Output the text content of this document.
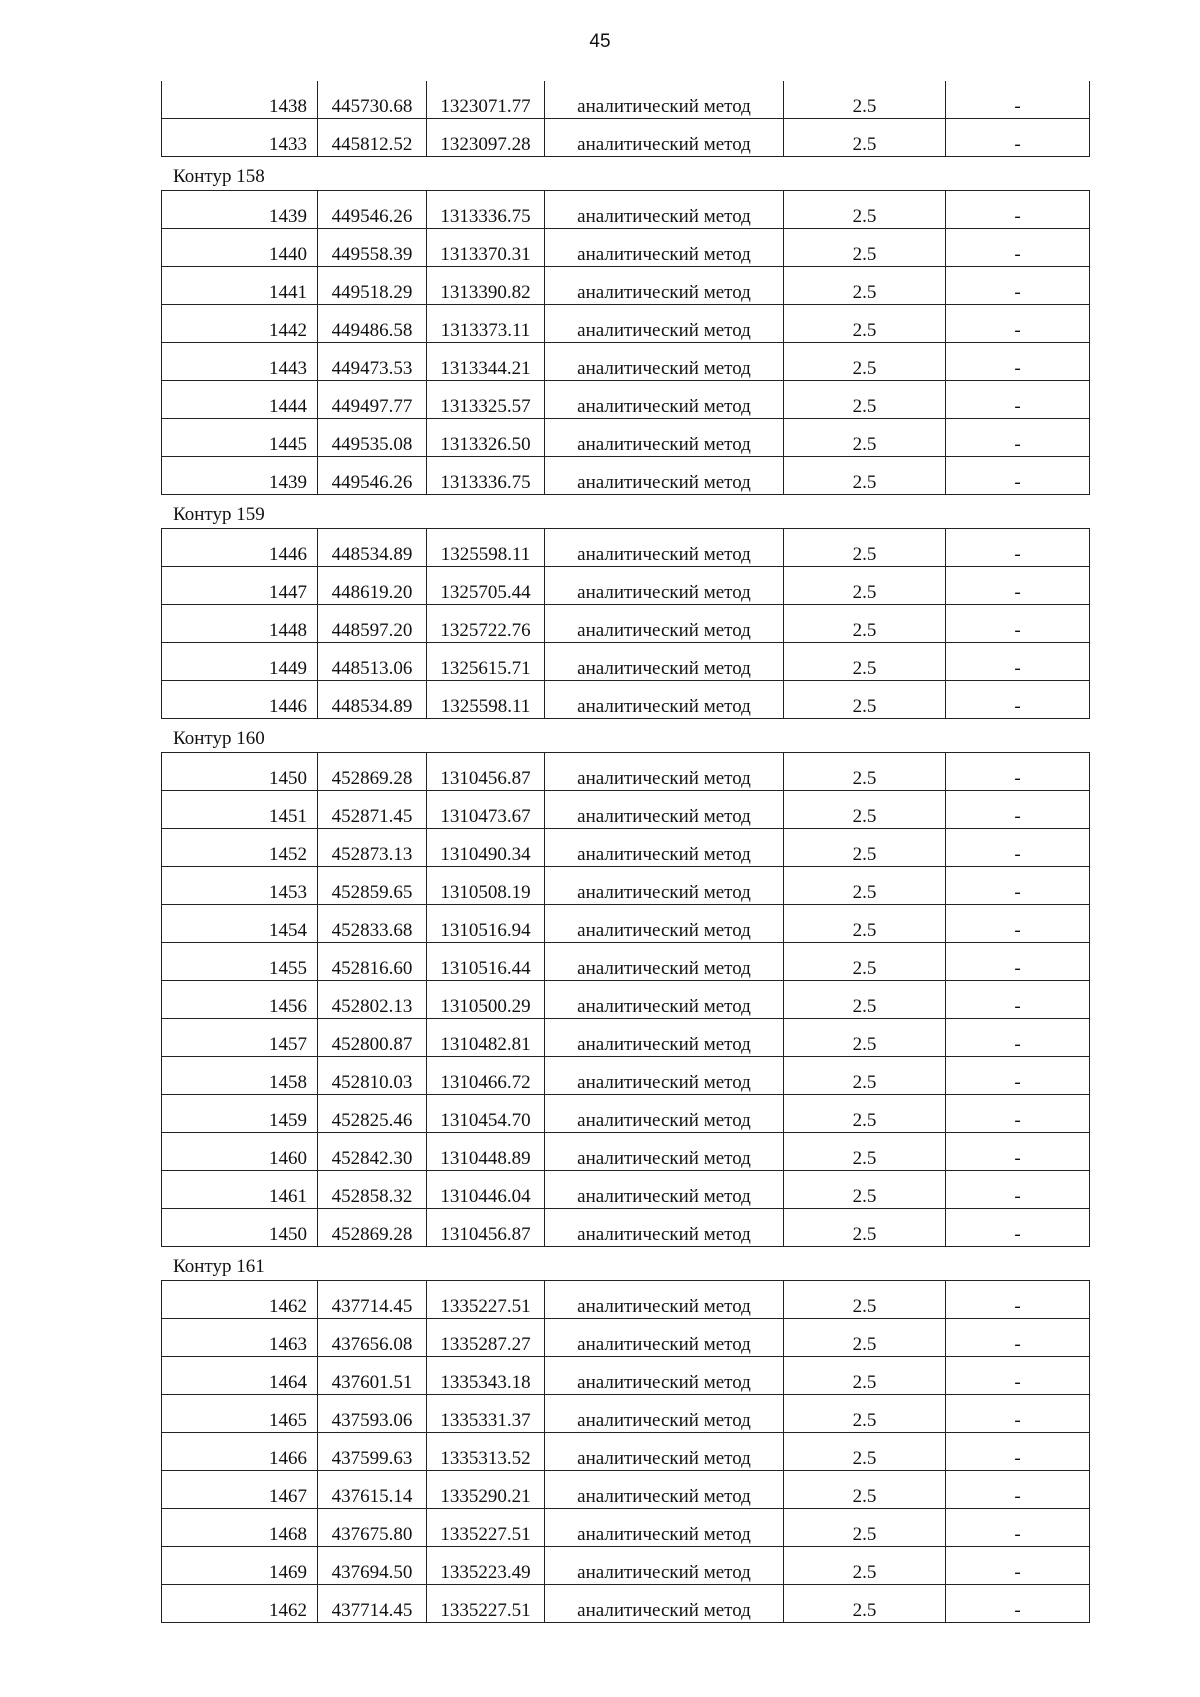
45
1438	445730.68	1323071.77	аналитический метод	2.5	-
1433	445812.52	1323097.28	аналитический метод	2.5	-
Контур 158
1439	449546.26	1313336.75	аналитический метод	2.5	-
1440	449558.39	1313370.31	аналитический метод	2.5	-
1441	449518.29	1313390.82	аналитический метод	2.5	-
1442	449486.58	1313373.11	аналитический метод	2.5	-
1443	449473.53	1313344.21	аналитический метод	2.5	-
1444	449497.77	1313325.57	аналитический метод	2.5	-
1445	449535.08	1313326.50	аналитический метод	2.5	-
1439	449546.26	1313336.75	аналитический метод	2.5	-
Контур 159
1446	448534.89	1325598.11	аналитический метод	2.5	-
1447	448619.20	1325705.44	аналитический метод	2.5	-
1448	448597.20	1325722.76	аналитический метод	2.5	-
1449	448513.06	1325615.71	аналитический метод	2.5	-
1446	448534.89	1325598.11	аналитический метод	2.5	-
Контур 160
1450	452869.28	1310456.87	аналитический метод	2.5	-
1451	452871.45	1310473.67	аналитический метод	2.5	-
1452	452873.13	1310490.34	аналитический метод	2.5	-
1453	452859.65	1310508.19	аналитический метод	2.5	-
1454	452833.68	1310516.94	аналитический метод	2.5	-
1455	452816.60	1310516.44	аналитический метод	2.5	-
1456	452802.13	1310500.29	аналитический метод	2.5	-
1457	452800.87	1310482.81	аналитический метод	2.5	-
1458	452810.03	1310466.72	аналитический метод	2.5	-
1459	452825.46	1310454.70	аналитический метод	2.5	-
1460	452842.30	1310448.89	аналитический метод	2.5	-
1461	452858.32	1310446.04	аналитический метод	2.5	-
1450	452869.28	1310456.87	аналитический метод	2.5	-
Контур 161
1462	437714.45	1335227.51	аналитический метод	2.5	-
1463	437656.08	1335287.27	аналитический метод	2.5	-
1464	437601.51	1335343.18	аналитический метод	2.5	-
1465	437593.06	1335331.37	аналитический метод	2.5	-
1466	437599.63	1335313.52	аналитический метод	2.5	-
1467	437615.14	1335290.21	аналитический метод	2.5	-
1468	437675.80	1335227.51	аналитический метод	2.5	-
1469	437694.50	1335223.49	аналитический метод	2.5	-
1462	437714.45	1335227.51	аналитический метод	2.5	-
